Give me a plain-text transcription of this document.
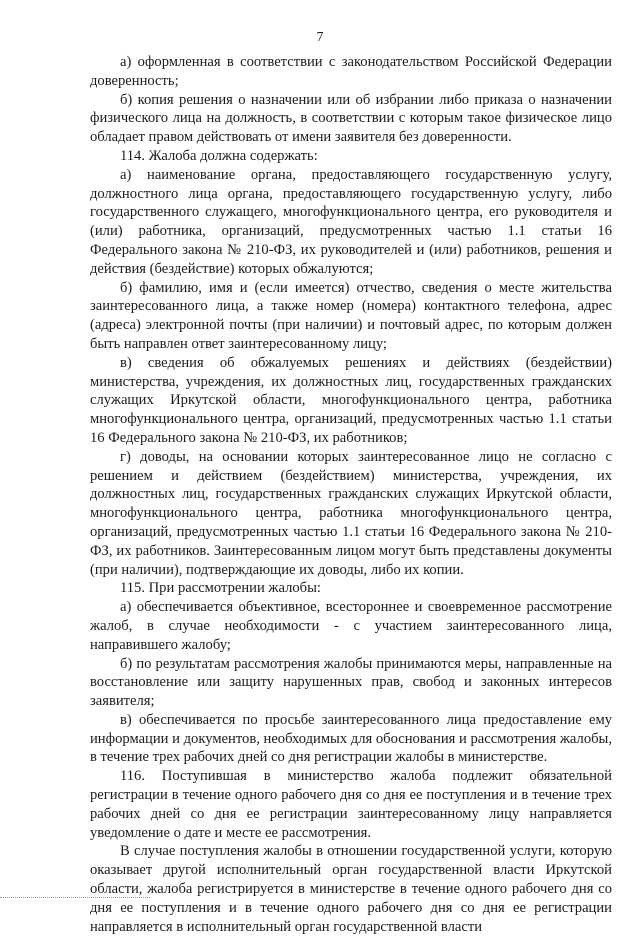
7

а) оформленная в соответствии с законодательством Российской Федерации доверенность;

б) копия решения о назначении или об избрании либо приказа о назначении физического лица на должность, в соответствии с которым такое физическое лицо обладает правом действовать от имени заявителя без доверенности.

114. Жалоба должна содержать:

а) наименование органа, предоставляющего государственную услугу, должностного лица органа, предоставляющего государственную услугу, либо государственного служащего, многофункционального центра, его руководителя и (или) работника, организаций, предусмотренных частью 1.1 статьи 16 Федерального закона № 210-ФЗ, их руководителей и (или) работников, решения и действия (бездействие) которых обжалуются;

б) фамилию, имя и (если имеется) отчество, сведения о месте жительства заинтересованного лица, а также номер (номера) контактного телефона, адрес (адреса) электронной почты (при наличии) и почтовый адрес, по которым должен быть направлен ответ заинтересованному лицу;

в) сведения об обжалуемых решениях и действиях (бездействии) министерства, учреждения, их должностных лиц, государственных гражданских служащих Иркутской области, многофункционального центра, работника многофункционального центра, организаций, предусмотренных частью 1.1 статьи 16 Федерального закона № 210-ФЗ, их работников;

г) доводы, на основании которых заинтересованное лицо не согласно с решением и действием (бездействием) министерства, учреждения, их должностных лиц, государственных гражданских служащих Иркутской области, многофункционального центра, работника многофункционального центра, организаций, предусмотренных частью 1.1 статьи 16 Федерального закона № 210-ФЗ, их работников. Заинтересованным лицом могут быть представлены документы (при наличии), подтверждающие их доводы, либо их копии.

115. При рассмотрении жалобы:

а) обеспечивается объективное, всестороннее и своевременное рассмотрение жалоб, в случае необходимости - с участием заинтересованного лица, направившего жалобу;

б) по результатам рассмотрения жалобы принимаются меры, направленные на восстановление или защиту нарушенных прав, свобод и законных интересов заявителя;

в) обеспечивается по просьбе заинтересованного лица предоставление ему информации и документов, необходимых для обоснования и рассмотрения жалобы, в течение трех рабочих дней со дня регистрации жалобы в министерстве.

116. Поступившая в министерство жалоба подлежит обязательной регистрации в течение одного рабочего дня со дня ее поступления и в течение трех рабочих дней со дня ее регистрации заинтересованному лицу направляется уведомление о дате и месте ее рассмотрения.

В случае поступления жалобы в отношении государственной услуги, которую оказывает другой исполнительный орган государственной власти Иркутской области, жалоба регистрируется в министерстве в течение одного рабочего дня со дня ее поступления и в течение одного рабочего дня со дня ее регистрации направляется в исполнительный орган государственной власти
